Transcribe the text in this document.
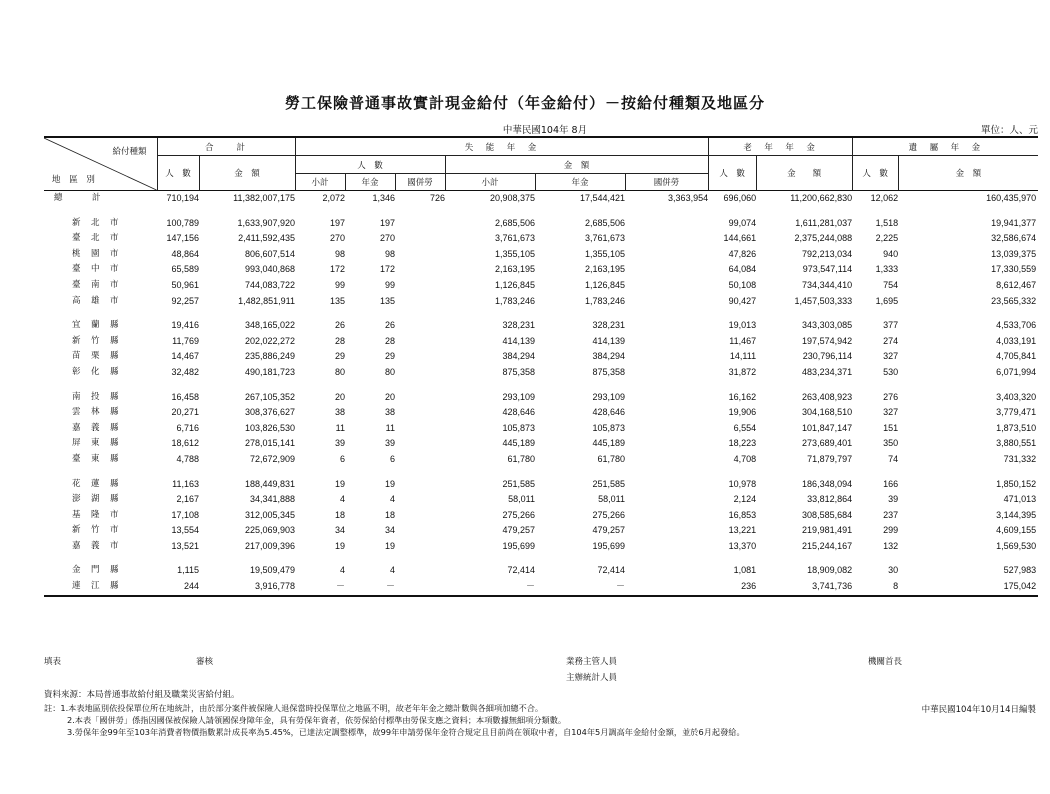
勞工保險普通事故實計現金給付（年金給付）－按給付種類及地區分
中華民國104年 8月	單位：人、元
給付種類
地 區 別	合　　計		失　能　年　金						老　年　年　金		遺　屬　年　金	
	人　數	金　額	人　數			金　額			人　數	金　　額	人　數	金　額
			小計	年金	國併勞	小計	年金	國併勞				

總　　　計	710,194	11,382,007,175	2,072	1,346	726	20,908,375	17,544,421	3,363,954	696,060	11,200,662,830	12,062	160,435,970

新　北　市	100,789	1,633,907,920	197	197		2,685,506	2,685,506		99,074	1,611,281,037	1,518	19,941,377

臺　北　市	147,156	2,411,592,435	270	270		3,761,673	3,761,673		144,661	2,375,244,088	2,225	32,586,674

桃　園　市	48,864	806,607,514	98	98		1,355,105	1,355,105		47,826	792,213,034	940	13,039,375

臺　中　市	65,589	993,040,868	172	172		2,163,195	2,163,195		64,084	973,547,114	1,333	17,330,559

臺　南　市	50,961	744,083,722	99	99		1,126,845	1,126,845		50,108	734,344,410	754	8,612,467

高　雄　市	92,257	1,482,851,911	135	135		1,783,246	1,783,246		90,427	1,457,503,333	1,695	23,565,332

宜　蘭　縣	19,416	348,165,022	26	26		328,231	328,231		19,013	343,303,085	377	4,533,706

新　竹　縣	11,769	202,022,272	28	28		414,139	414,139		11,467	197,574,942	274	4,033,191

苗　栗　縣	14,467	235,886,249	29	29		384,294	384,294		14,111	230,796,114	327	4,705,841

彰　化　縣	32,482	490,181,723	80	80		875,358	875,358		31,872	483,234,371	530	6,071,994

南　投　縣	16,458	267,105,352	20	20		293,109	293,109		16,162	263,408,923	276	3,403,320

雲　林　縣	20,271	308,376,627	38	38		428,646	428,646		19,906	304,168,510	327	3,779,471

嘉　義　縣	6,716	103,826,530	11	11		105,873	105,873		6,554	101,847,147	151	1,873,510

屏　東　縣	18,612	278,015,141	39	39		445,189	445,189		18,223	273,689,401	350	3,880,551

臺　東　縣	4,788	72,672,909	6	6		61,780	61,780		4,708	71,879,797	74	731,332

花　蓮　縣	11,163	188,449,831	19	19		251,585	251,585		10,978	186,348,094	166	1,850,152

澎　湖　縣	2,167	34,341,888	4	4		58,011	58,011		2,124	33,812,864	39	471,013

基　隆　市	17,108	312,005,345	18	18		275,266	275,266		16,853	308,585,684	237	3,144,395

新　竹　市	13,554	225,069,903	34	34		479,257	479,257		13,221	219,981,491	299	4,609,155

嘉　義　市	13,521	217,009,396	19	19		195,699	195,699		13,370	215,244,167	132	1,569,530

金　門　縣	1,115	19,509,479	4	4		72,414	72,414		1,081	18,909,082	30	527,983

連　江　縣	244	3,916,778	－	－		－	－		236	3,741,736	8	175,042
填表	審核	業務主管人員
主辦統計人員
機關首長
資料來源：本局普通事故給付組及職業災害給付組。
註：1.本表地區別依投保單位所在地統計，由於部分案件被保險人退保當時投保單位之地區不明，故老年年金之總計數與各細項加總不合。	中華民國104年10月14日編製
2.本表「國併勞」係指因國保被保險人請領國保身障年金，具有勞保年資者，依勞保給付標準由勞保支應之資料；本項數據無細項分類數。
3.勞保年金99年至103年消費者物價指數累計成長率為5.45%，已達法定調整標準，故99年申請勞保年金符合規定且目前尚在領取中者，自104年5月調高年金給付金額，並於6月起發給。
